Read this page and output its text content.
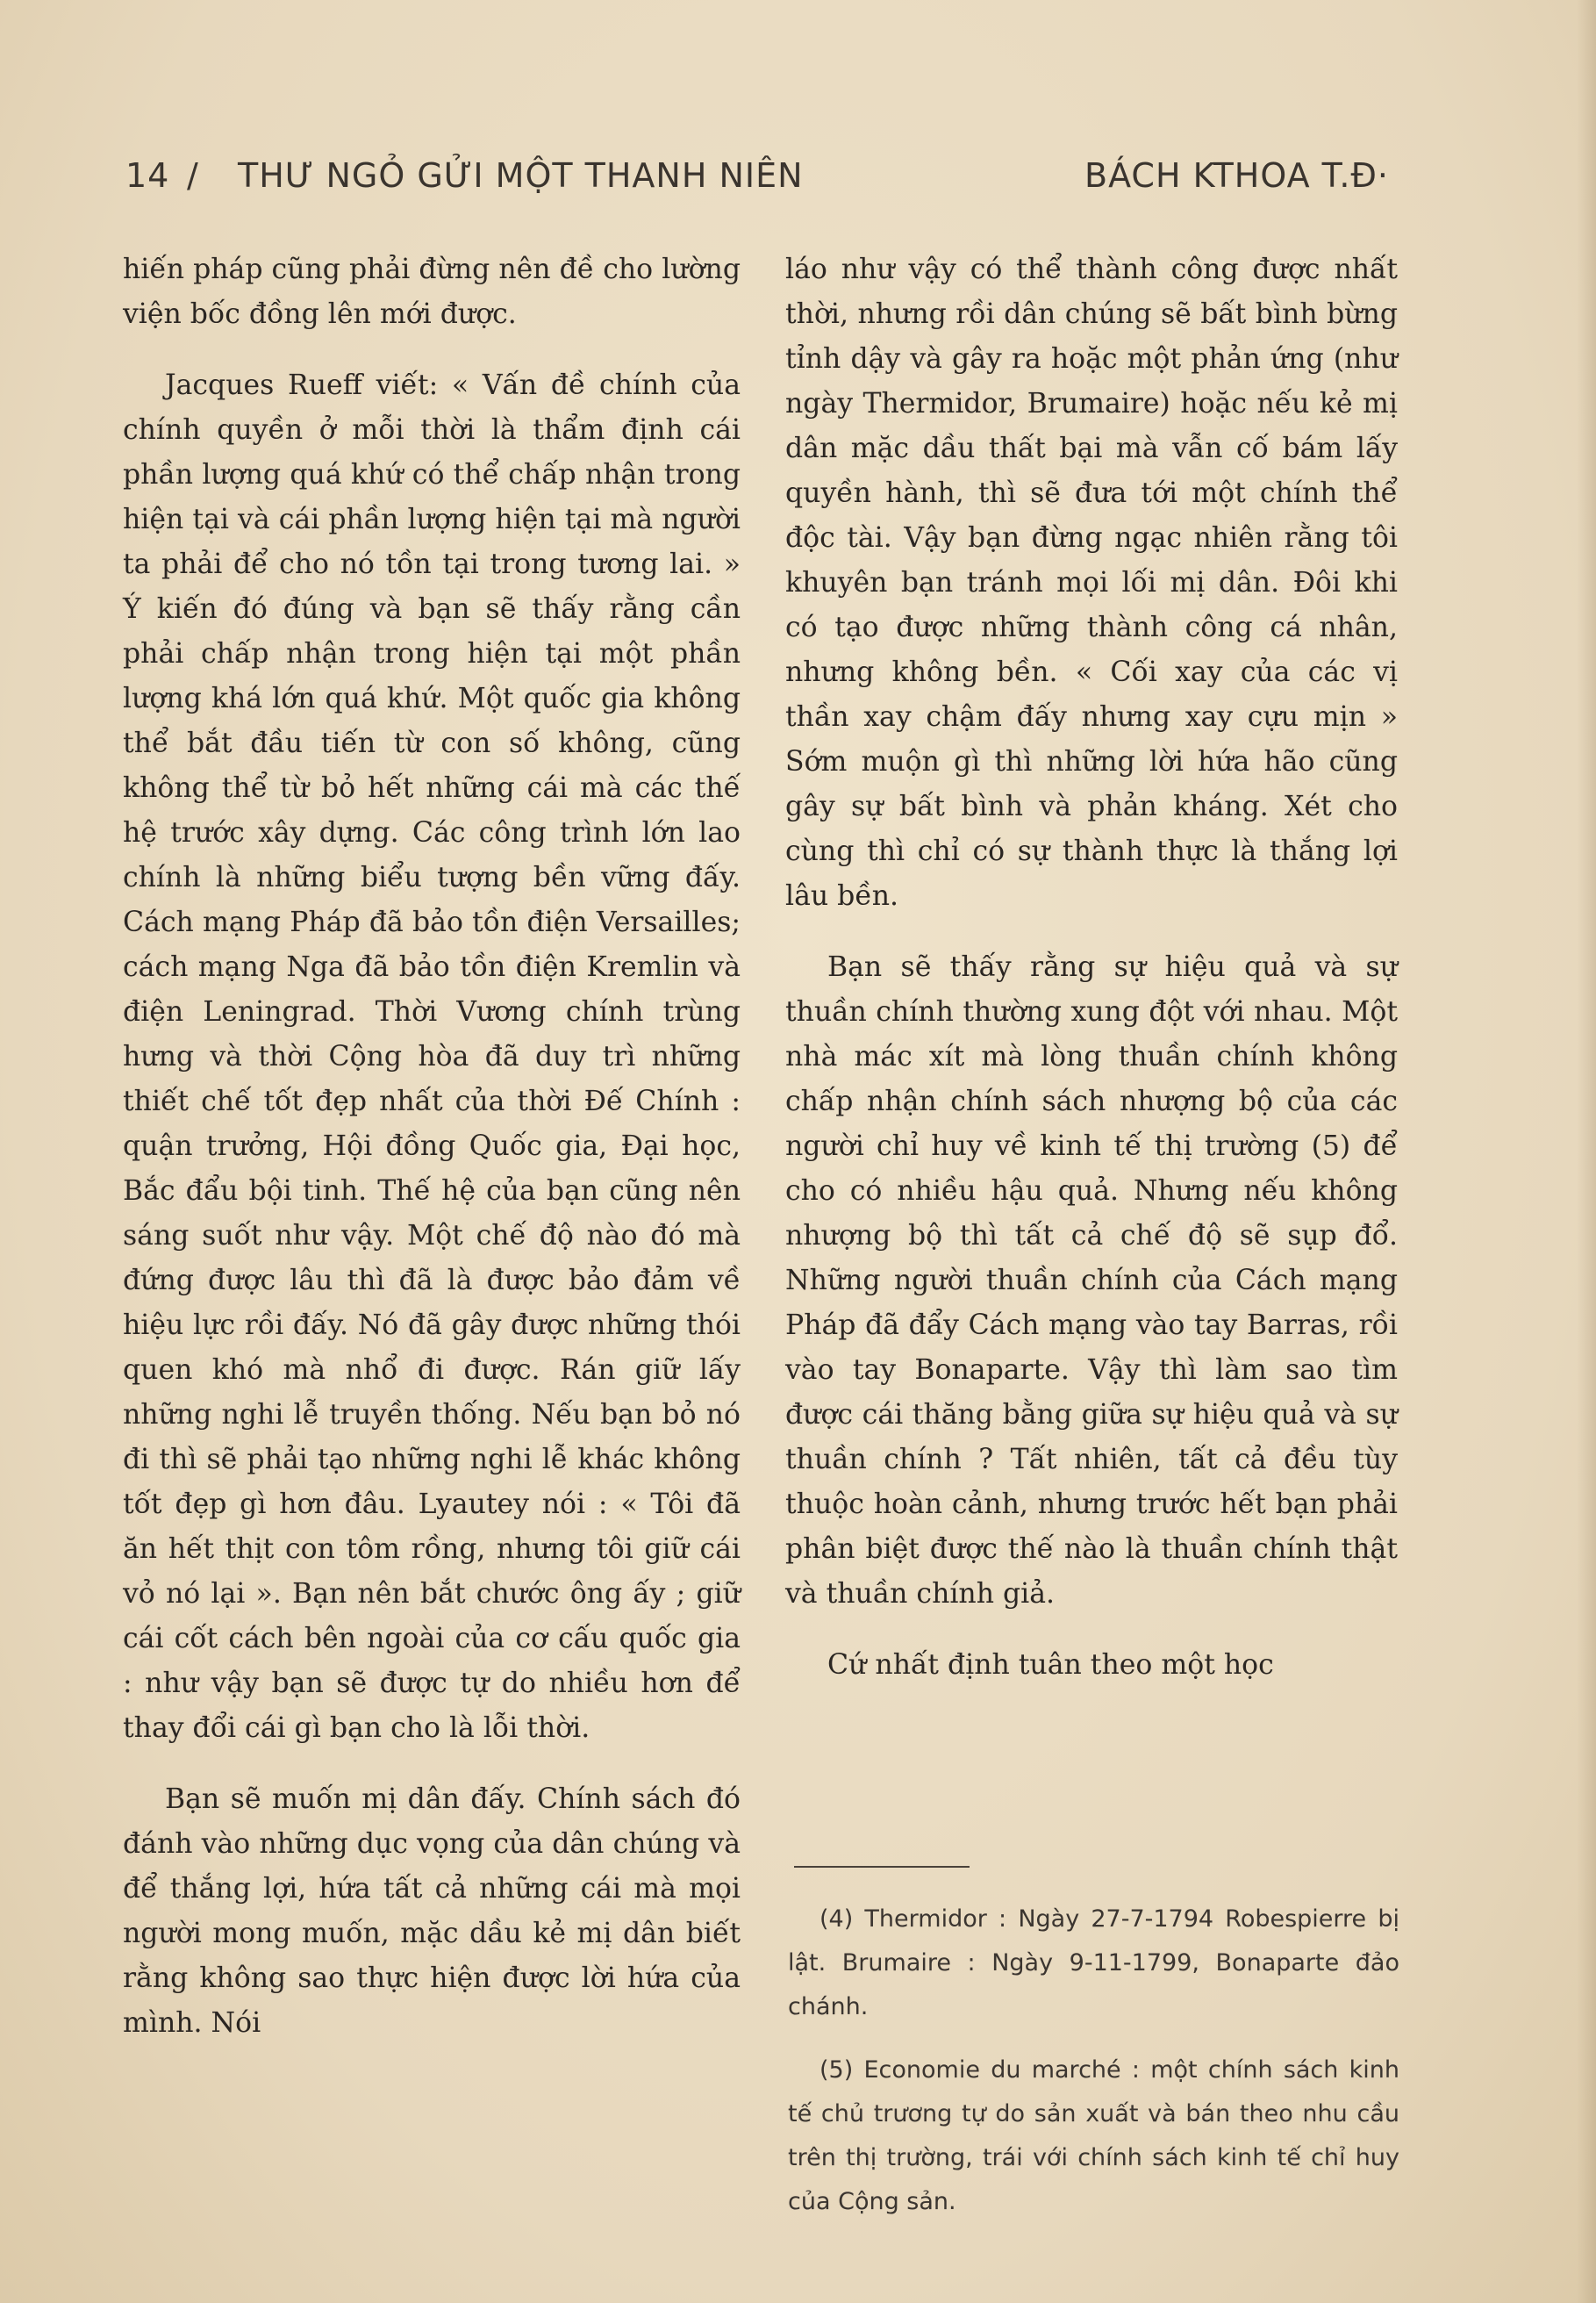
14 / THƯ NGỎ GỬI MỘT THANH NIÊN	BÁCH KTHOA T.Đ·

hiến pháp cũng phải đừng nên đề cho lường viện bốc đồng lên mới được.

Jacques Rueff viết: « Vấn đề chính của chính quyền ở mỗi thời là thẩm định cái phần lượng quá khứ có thể chấp nhận trong hiện tại và cái phần lượng hiện tại mà người ta phải để cho nó tồn tại trong tương lai. » Ý kiến đó đúng và bạn sẽ thấy rằng cần phải chấp nhận trong hiện tại một phần lượng khá lớn quá khứ. Một quốc gia không thể bắt đầu tiến từ con số không, cũng không thể từ bỏ hết những cái mà các thế hệ trước xây dựng. Các công trình lớn lao chính là những biểu tượng bền vững đấy. Cách mạng Pháp đã bảo tồn điện Versailles; cách mạng Nga đã bảo tồn điện Kremlin và điện Leningrad. Thời Vương chính trùng hưng và thời Cộng hòa đã duy trì những thiết chế tốt đẹp nhất của thời Đế Chính : quận trưởng, Hội đồng Quốc gia, Đại học, Bắc đẩu bội tinh. Thế hệ của bạn cũng nên sáng suốt như vậy. Một chế độ nào đó mà đứng được lâu thì đã là được bảo đảm về hiệu lực rồi đấy. Nó đã gây được những thói quen khó mà nhổ đi được. Rán giữ lấy những nghi lễ truyền thống. Nếu bạn bỏ nó đi thì sẽ phải tạo những nghi lễ khác không tốt đẹp gì hơn đâu. Lyautey nói : « Tôi đã ăn hết thịt con tôm rồng, nhưng tôi giữ cái vỏ nó lại ». Bạn nên bắt chước ông ấy ; giữ cái cốt cách bên ngoài của cơ cấu quốc gia : như vậy bạn sẽ được tự do nhiều hơn để thay đổi cái gì bạn cho là lỗi thời.

Bạn sẽ muốn mị dân đấy. Chính sách đó đánh vào những dục vọng của dân chúng và để thắng lợi, hứa tất cả những cái mà mọi người mong muốn, mặc dầu kẻ mị dân biết rằng không sao thực hiện được lời hứa của mình. Nói

láo như vậy có thể thành công được nhất thời, nhưng rồi dân chúng sẽ bất bình bừng tỉnh dậy và gây ra hoặc một phản ứng (như ngày Thermidor, Brumaire) hoặc nếu kẻ mị dân mặc dầu thất bại mà vẫn cố bám lấy quyền hành, thì sẽ đưa tới một chính thể độc tài. Vậy bạn đừng ngạc nhiên rằng tôi khuyên bạn tránh mọi lối mị dân. Đôi khi có tạo được những thành công cá nhân, nhưng không bền. « Cối xay của các vị thần xay chậm đấy nhưng xay cựu mịn » Sớm muộn gì thì những lời hứa hão cũng gây sự bất bình và phản kháng. Xét cho cùng thì chỉ có sự thành thực là thắng lợi lâu bền.

Bạn sẽ thấy rằng sự hiệu quả và sự thuần chính thường xung đột với nhau. Một nhà mác xít mà lòng thuần chính không chấp nhận chính sách nhượng bộ của các người chỉ huy về kinh tế thị trường (5) để cho có nhiều hậu quả. Nhưng nếu không nhượng bộ thì tất cả chế độ sẽ sụp đổ. Những người thuần chính của Cách mạng Pháp đã đẩy Cách mạng vào tay Barras, rồi vào tay Bonaparte. Vậy thì làm sao tìm được cái thăng bằng giữa sự hiệu quả và sự thuần chính ? Tất nhiên, tất cả đều tùy thuộc hoàn cảnh, nhưng trước hết bạn phải phân biệt được thế nào là thuần chính thật và thuần chính giả.

Cứ nhất định tuân theo một học

(4) Thermidor : Ngày 27-7-1794 Robespierre bị lật. Brumaire : Ngày 9-11-1799, Bonaparte đảo chánh.

(5) Economie du marché : một chính sách kinh tế chủ trương tự do sản xuất và bán theo nhu cầu trên thị trường, trái với chính sách kinh tế chỉ huy của Cộng sản.
